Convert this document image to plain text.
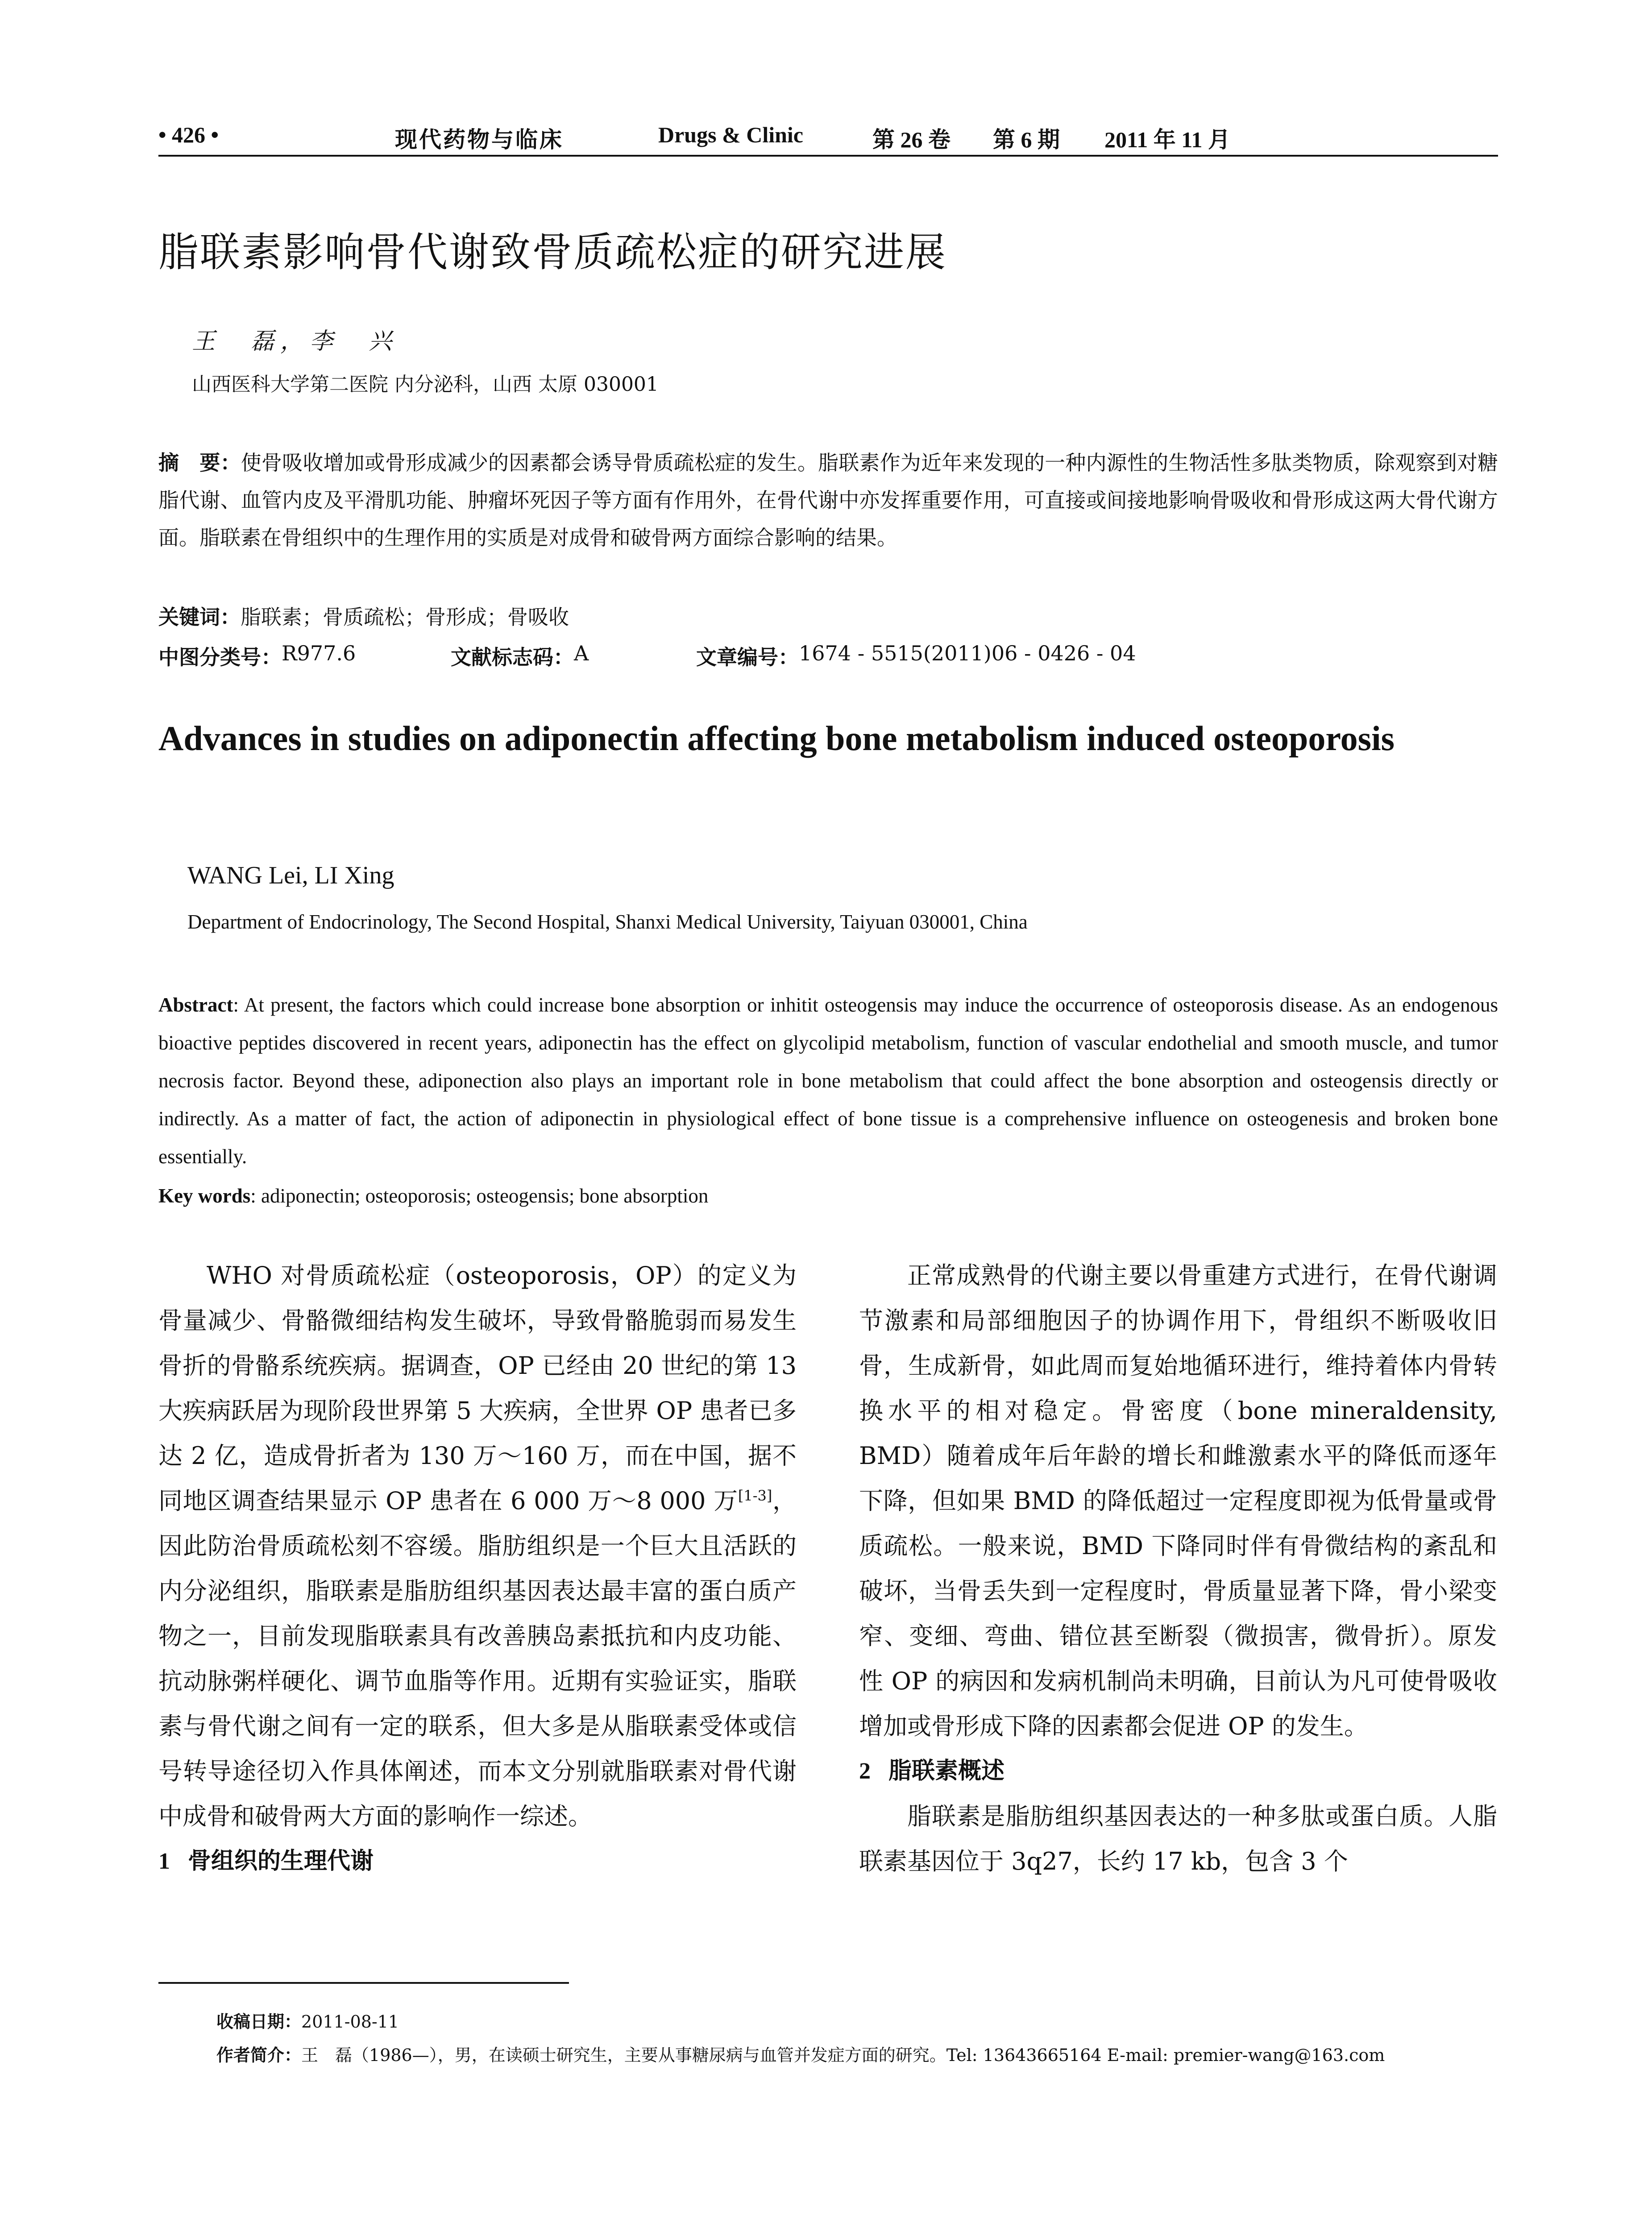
• 426 •	现代药物与临床	Drugs & Clinic	第 26 卷 第 6 期 2011 年 11 月
脂联素影响骨代谢致骨质疏松症的研究进展
王　磊，李　兴
山西医科大学第二医院 内分泌科，山西 太原 030001
摘　要：使骨吸收增加或骨形成减少的因素都会诱导骨质疏松症的发生。脂联素作为近年来发现的一种内源性的生物活性多肽类物质，除观察到对糖脂代谢、血管内皮及平滑肌功能、肿瘤坏死因子等方面有作用外，在骨代谢中亦发挥重要作用，可直接或间接地影响骨吸收和骨形成这两大骨代谢方面。脂联素在骨组织中的生理作用的实质是对成骨和破骨两方面综合影响的结果。
关键词：脂联素；骨质疏松；骨形成；骨吸收
中图分类号： R977.6	文献标志码： A	文章编号： 1674 - 5515(2011)06 - 0426 - 04
Advances in studies on adiponectin affecting bone metabolism induced osteoporosis
WANG Lei, LI Xing
Department of Endocrinology, The Second Hospital, Shanxi Medical University, Taiyuan 030001, China
Abstract: At present, the factors which could increase bone absorption or inhitit osteogensis may induce the occurrence of osteoporosis disease. As an endogenous bioactive peptides discovered in recent years, adiponectin has the effect on glycolipid metabolism, function of vascular endothelial and smooth muscle, and tumor necrosis factor. Beyond these, adiponection also plays an important role in bone metabolism that could affect the bone absorption and osteogensis directly or indirectly. As a matter of fact, the action of adiponectin in physiological effect of bone tissue is a comprehensive influence on osteogenesis and broken bone essentially.
Key words: adiponectin; osteoporosis; osteogensis; bone absorption

WHO 对骨质疏松症（osteoporosis，OP）的定义为骨量减少、骨骼微细结构发生破坏，导致骨骼脆弱而易发生骨折的骨骼系统疾病。据调查，OP 已经由 20 世纪的第 13 大疾病跃居为现阶段世界第 5 大疾病，全世界 OP 患者已多达 2 亿，造成骨折者为 130 万～160 万，而在中国，据不同地区调查结果显示 OP 患者在 6 000 万～8 000 万[1-3]，因此防治骨质疏松刻不容缓。脂肪组织是一个巨大且活跃的内分泌组织，脂联素是脂肪组织基因表达最丰富的蛋白质产物之一，目前发现脂联素具有改善胰岛素抵抗和内皮功能、抗动脉粥样硬化、调节血脂等作用。近期有实验证实，脂联素与骨代谢之间有一定的联系，但大多是从脂联素受体或信号转导途径切入作具体阐述，而本文分别就脂联素对骨代谢中成骨和破骨两大方面的影响作一综述。

1 骨组织的生理代谢

正常成熟骨的代谢主要以骨重建方式进行，在骨代谢调节激素和局部细胞因子的协调作用下，骨组织不断吸收旧骨，生成新骨，如此周而复始地循环进行，维持着体内骨转换水平的相对稳定。骨密度（bone mineraldensity, BMD）随着成年后年龄的增长和雌激素水平的降低而逐年下降，但如果 BMD 的降低超过一定程度即视为低骨量或骨质疏松。一般来说，BMD 下降同时伴有骨微结构的紊乱和破坏，当骨丢失到一定程度时，骨质量显著下降，骨小梁变窄、变细、弯曲、错位甚至断裂（微损害，微骨折）。原发性 OP 的病因和发病机制尚未明确，目前认为凡可使骨吸收增加或骨形成下降的因素都会促进 OP 的发生。

2 脂联素概述

脂联素是脂肪组织基因表达的一种多肽或蛋白质。人脂联素基因位于 3q27，长约 17 kb，包含 3 个

收稿日期：2011-08-11
作者简介：王　磊（1986—），男，在读硕士研究生，主要从事糖尿病与血管并发症方面的研究。Tel: 13643665164 E-mail: premier-wang@163.com
